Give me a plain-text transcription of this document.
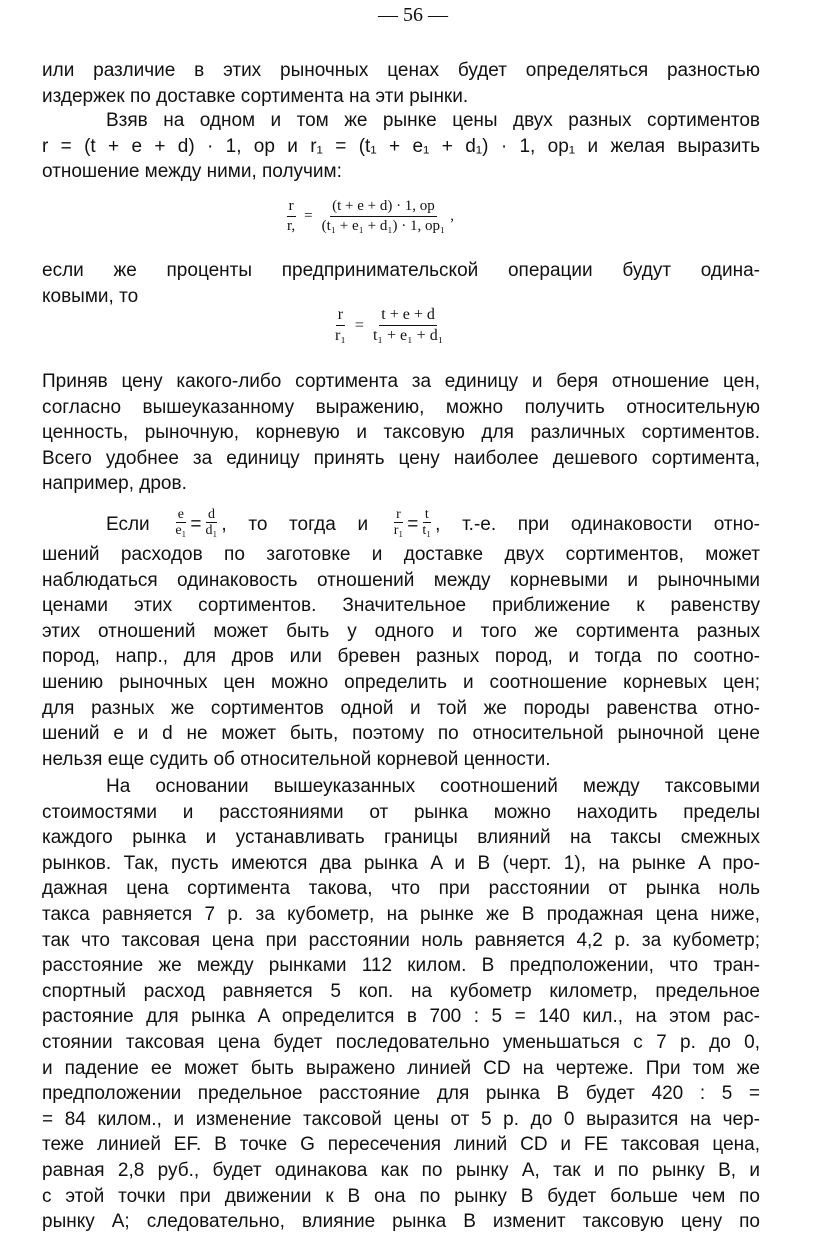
— 56 —
или различие в этих рыночных ценах будет определяться разностью
издержек по доставке сортимента на эти рынки.
Взяв на одном и том же рынке цены двух разных сортиментов
r = (t + e + d) · 1, op и r₁ = (t₁ + e₁ + d₁) · 1, op₁ и желая выразить
отношение между ними, получим:
$\frac{r}{r,} = \frac{(t + e + d) \cdot 1, op}{\text{(t₁ + e₁ + d₁) · 1, op₁}}$ ,
если же проценты предпринимательской операции будут одина-
ковыми, то
$\frac{r}{\text{r₁}} = \frac{t + e + d}{\text{t₁ + e₁ + d₁}}$
Приняв цену какого-либо сортимента за единицу и беря отношение цен,
согласно вышеуказанному выражению, можно получить относительную
ценность, рыночную, корневую и таксовую для различных сортиментов.
Всего удобнее за единицу принять цену наиболее дешевого сортимента,
например, дров.
Если $\frac{e}{\text{e₁}} = \frac{d}{\text{d₁}}$ , то тогда и $\frac{r}{\text{r₁}} = \frac{t}{\text{t₁}}$ , т.-е. при одинаковости отно-
шений расходов по заготовке и доставке двух сортиментов, может
наблюдаться одинаковость отношений между корневыми и рыночными
ценами этих сортиментов. Значительное приближение к равенству
этих отношений может быть у одного и того же сортимента разных
пород, напр., для дров или бревен разных пород, и тогда по соотно-
шению рыночных цен можно определить и соотношение корневых цен;
для разных же сортиментов одной и той же породы равенства отно-
шений e и d не может быть, поэтому по относительной рыночной цене
нельзя еще судить об относительной корневой ценности.
На основании вышеуказанных соотношений между таксовыми
стоимостями и расстояниями от рынка можно находить пределы
каждого рынка и устанавливать границы влияний на таксы смежных
рынков. Так, пусть имеются два рынка A и B (черт. 1), на рынке A про-
дажная цена сортимента такова, что при расстоянии от рынка ноль
такса равняется 7 р. за кубометр, на рынке же B продажная цена ниже,
так что таксовая цена при расстоянии ноль равняется 4,2 р. за кубометр;
расстояние же между рынками 112 килом. В предположении, что тран-
спортный расход равняется 5 коп. на кубометр километр, предельное
растояние для рынка A определится в 700 : 5 = 140 кил., на этом рас-
стоянии таксовая цена будет последовательно уменьшаться с 7 р. до 0,
и падение ее может быть выражено линией CD на чертеже. При том же
предположении предельное расстояние для рынка B будет 420 : 5 =
= 84 килом., и изменение таксовой цены от 5 р. до 0 выразится на чер-
теже линией EF. В точке G пересечения линий CD и FE таксовая цена,
равная 2,8 руб., будет одинакова как по рынку A, так и по рынку B, и
с этой точки при движении к B она по рынку B будет больше чем по
рынку A; следовательно, влияние рынка B изменит таксовую цену по
